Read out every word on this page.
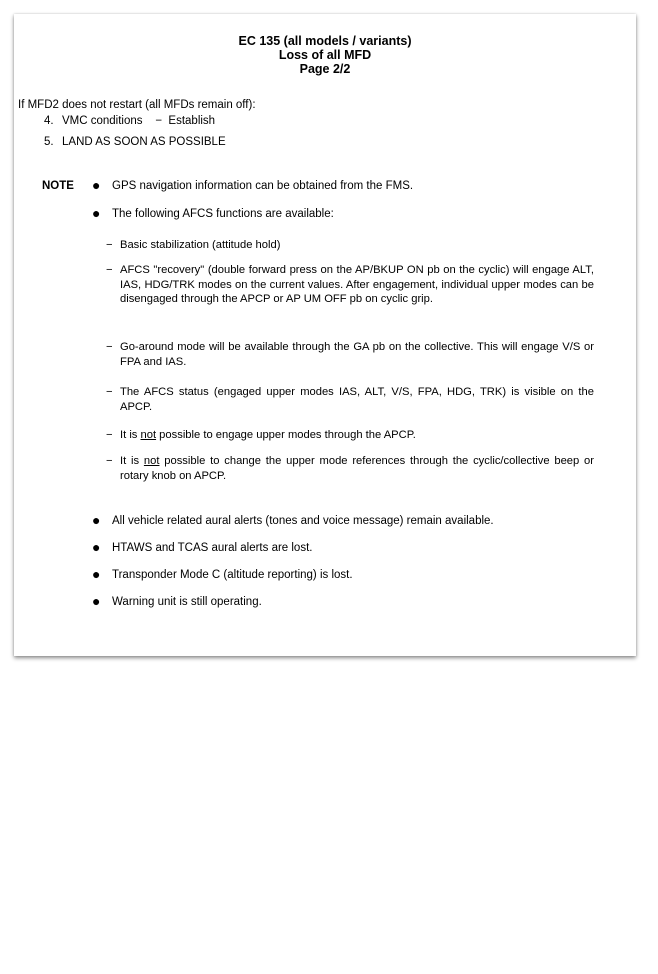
EC 135 (all models / variants)
Loss of all MFD
Page 2/2
If MFD2 does not restart (all MFDs remain off):
4. VMC conditions    −  Establish
5. LAND AS SOON AS POSSIBLE
NOTE ● GPS navigation information can be obtained from the FMS.
● The following AFCS functions are available:
− Basic stabilization (attitude hold)
− AFCS "recovery" (double forward press on the AP/BKUP ON pb on the cyclic) will engage ALT, IAS, HDG/TRK modes on the current values. After engagement, individual upper modes can be disengaged through the APCP or AP UM OFF pb on cyclic grip.
− Go-around mode will be available through the GA pb on the collective. This will engage V/S or FPA and IAS.
− The AFCS status (engaged upper modes IAS, ALT, V/S, FPA, HDG, TRK) is visible on the APCP.
− It is not possible to engage upper modes through the APCP.
− It is not possible to change the upper mode references through the cyclic/collective beep or rotary knob on APCP.
● All vehicle related aural alerts (tones and voice message) remain available.
● HTAWS and TCAS aural alerts are lost.
● Transponder Mode C (altitude reporting) is lost.
● Warning unit is still operating.
